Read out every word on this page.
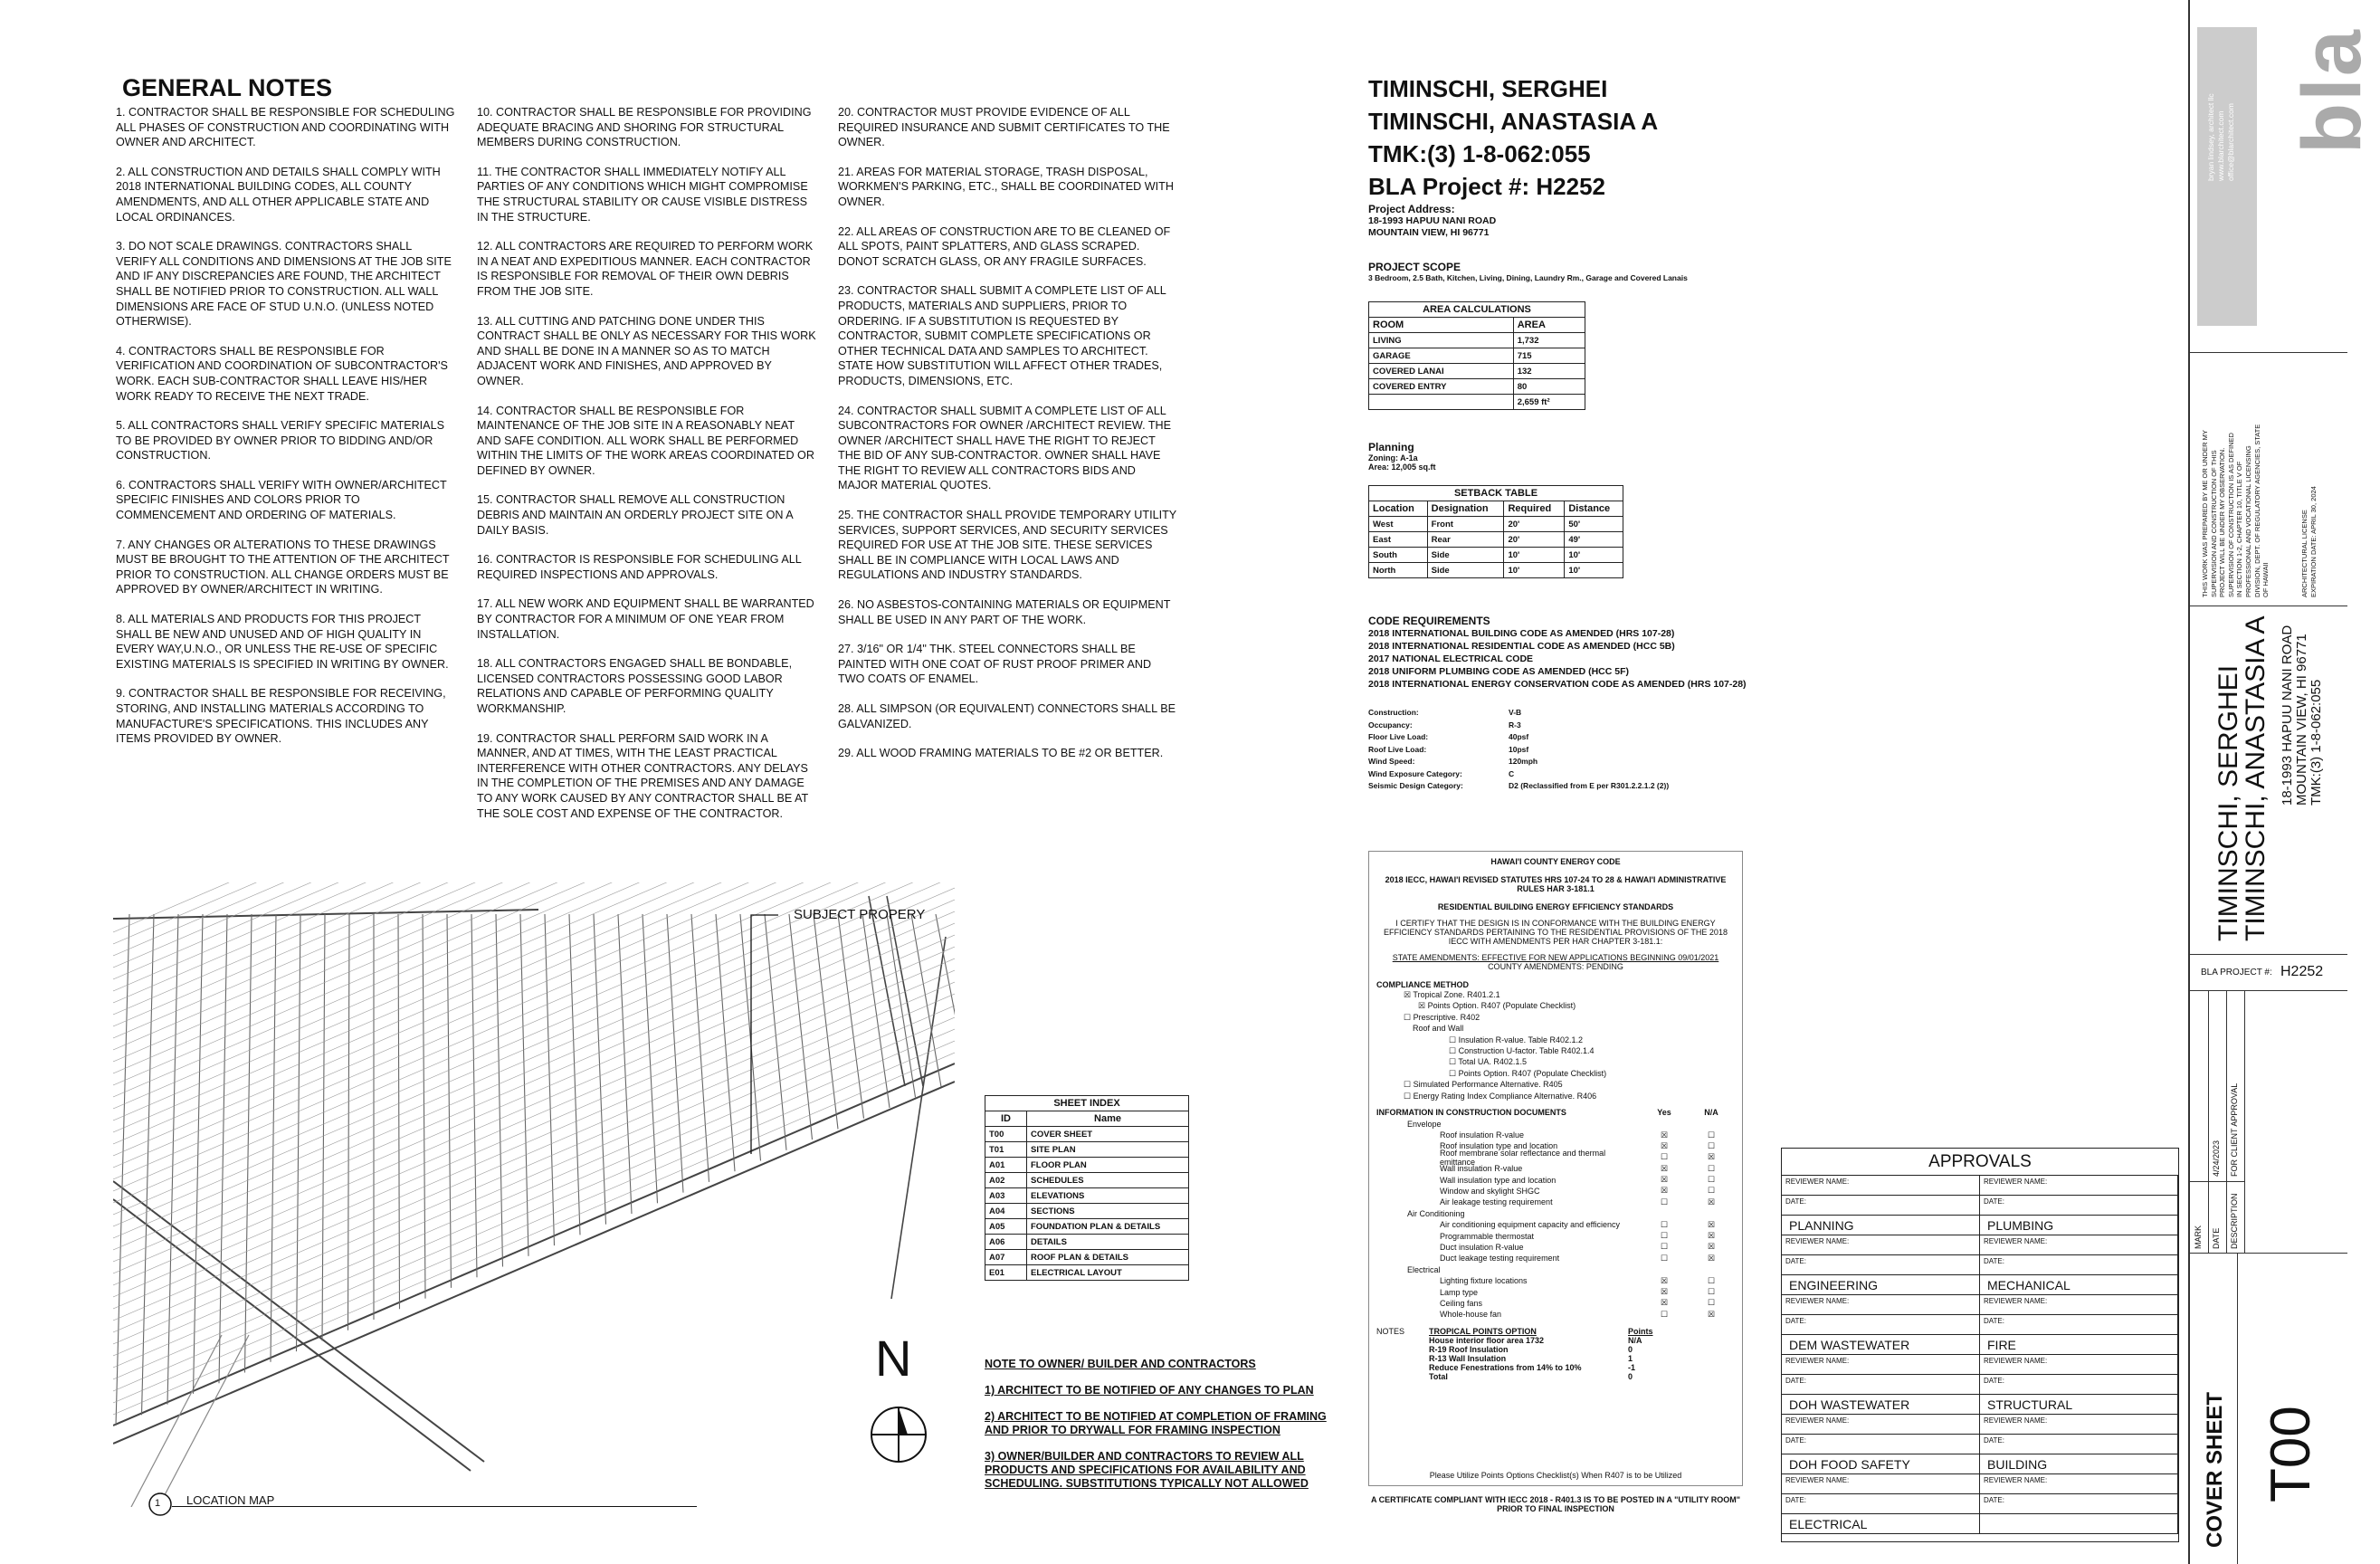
GENERAL NOTES
1. CONTRACTOR SHALL BE RESPONSIBLE FOR SCHEDULING ALL PHASES OF CONSTRUCTION AND COORDINATING WITH OWNER AND ARCHITECT.
2. ALL CONSTRUCTION AND DETAILS SHALL COMPLY WITH 2018 INTERNATIONAL BUILDING CODES, ALL COUNTY AMENDMENTS, AND ALL OTHER APPLICABLE STATE AND LOCAL ORDINANCES.
3. DO NOT SCALE DRAWINGS. CONTRACTORS SHALL VERIFY ALL CONDITIONS AND DIMENSIONS AT THE JOB SITE AND IF ANY DISCREPANCIES ARE FOUND, THE ARCHITECT SHALL BE NOTIFIED PRIOR TO CONSTRUCTION. ALL WALL DIMENSIONS ARE FACE OF STUD U.N.O. (UNLESS NOTED OTHERWISE).
4. CONTRACTORS SHALL BE RESPONSIBLE FOR VERIFICATION AND COORDINATION OF SUBCONTRACTOR'S WORK. EACH SUB-CONTRACTOR SHALL LEAVE HIS/HER WORK READY TO RECEIVE THE NEXT TRADE.
5. ALL CONTRACTORS SHALL VERIFY SPECIFIC MATERIALS TO BE PROVIDED BY OWNER PRIOR TO BIDDING AND/OR CONSTRUCTION.
6. CONTRACTORS SHALL VERIFY WITH OWNER/ARCHITECT SPECIFIC FINISHES AND COLORS PRIOR TO COMMENCEMENT AND ORDERING OF MATERIALS.
7. ANY CHANGES OR ALTERATIONS TO THESE DRAWINGS MUST BE BROUGHT TO THE ATTENTION OF THE ARCHITECT PRIOR TO CONSTRUCTION. ALL CHANGE ORDERS MUST BE APPROVED BY OWNER/ARCHITECT IN WRITING.
8. ALL MATERIALS AND PRODUCTS FOR THIS PROJECT SHALL BE NEW AND UNUSED AND OF HIGH QUALITY IN EVERY WAY,U.N.O., OR UNLESS THE RE-USE OF SPECIFIC EXISTING MATERIALS IS SPECIFIED IN WRITING BY OWNER.
9. CONTRACTOR SHALL BE RESPONSIBLE FOR RECEIVING, STORING, AND INSTALLING MATERIALS ACCORDING TO MANUFACTURE'S SPECIFICATIONS. THIS INCLUDES ANY ITEMS PROVIDED BY OWNER.
10. CONTRACTOR SHALL BE RESPONSIBLE FOR PROVIDING ADEQUATE BRACING AND SHORING FOR STRUCTURAL MEMBERS DURING CONSTRUCTION.
11. THE CONTRACTOR SHALL IMMEDIATELY NOTIFY ALL PARTIES OF ANY CONDITIONS WHICH MIGHT COMPROMISE THE STRUCTURAL STABILITY OR CAUSE VISIBLE DISTRESS IN THE STRUCTURE.
12. ALL CONTRACTORS ARE REQUIRED TO PERFORM WORK IN A NEAT AND EXPEDITIOUS MANNER. EACH CONTRACTOR IS RESPONSIBLE FOR REMOVAL OF THEIR OWN DEBRIS FROM THE JOB SITE.
13. ALL CUTTING AND PATCHING DONE UNDER THIS CONTRACT SHALL BE ONLY AS NECESSARY FOR THIS WORK AND SHALL BE DONE IN A MANNER SO AS TO MATCH ADJACENT WORK AND FINISHES, AND APPROVED BY OWNER.
14. CONTRACTOR SHALL BE RESPONSIBLE FOR MAINTENANCE OF THE JOB SITE IN A REASONABLY NEAT AND SAFE CONDITION. ALL WORK SHALL BE PERFORMED WITHIN THE LIMITS OF THE WORK AREAS COORDINATED OR DEFINED BY OWNER.
15. CONTRACTOR SHALL REMOVE ALL CONSTRUCTION DEBRIS AND MAINTAIN AN ORDERLY PROJECT SITE ON A DAILY BASIS.
16. CONTRACTOR IS RESPONSIBLE FOR SCHEDULING ALL REQUIRED INSPECTIONS AND APPROVALS.
17. ALL NEW WORK AND EQUIPMENT SHALL BE WARRANTED BY CONTRACTOR FOR A MINIMUM OF ONE YEAR FROM INSTALLATION.
18. ALL CONTRACTORS ENGAGED SHALL BE BONDABLE, LICENSED CONTRACTORS POSSESSING GOOD LABOR RELATIONS AND CAPABLE OF PERFORMING QUALITY WORKMANSHIP.
19. CONTRACTOR SHALL PERFORM SAID WORK IN A MANNER, AND AT TIMES, WITH THE LEAST PRACTICAL INTERFERENCE WITH OTHER CONTRACTORS. ANY DELAYS IN THE COMPLETION OF THE PREMISES AND ANY DAMAGE TO ANY WORK CAUSED BY ANY CONTRACTOR SHALL BE AT THE SOLE COST AND EXPENSE OF THE CONTRACTOR.
20. CONTRACTOR MUST PROVIDE EVIDENCE OF ALL REQUIRED INSURANCE AND SUBMIT CERTIFICATES TO THE OWNER.
21. AREAS FOR MATERIAL STORAGE, TRASH DISPOSAL, WORKMEN'S PARKING, ETC., SHALL BE COORDINATED WITH OWNER.
22. ALL AREAS OF CONSTRUCTION ARE TO BE CLEANED OF ALL SPOTS, PAINT SPLATTERS, AND GLASS SCRAPED. DONOT SCRATCH GLASS, OR ANY FRAGILE SURFACES.
23. CONTRACTOR SHALL SUBMIT A COMPLETE LIST OF ALL PRODUCTS, MATERIALS AND SUPPLIERS, PRIOR TO ORDERING. IF A SUBSTITUTION IS REQUESTED BY CONTRACTOR, SUBMIT COMPLETE SPECIFICATIONS OR OTHER TECHNICAL DATA AND SAMPLES TO ARCHITECT. STATE HOW SUBSTITUTION WILL AFFECT OTHER TRADES, PRODUCTS, DIMENSIONS, ETC.
24. CONTRACTOR SHALL SUBMIT A COMPLETE LIST OF ALL SUBCONTRACTORS FOR OWNER /ARCHITECT REVIEW. THE OWNER /ARCHITECT SHALL HAVE THE RIGHT TO REJECT THE BID OF ANY SUB-CONTRACTOR. OWNER SHALL HAVE THE RIGHT TO REVIEW ALL CONTRACTORS BIDS AND MAJOR MATERIAL QUOTES.
25. THE CONTRACTOR SHALL PROVIDE TEMPORARY UTILITY SERVICES, SUPPORT SERVICES, AND SECURITY SERVICES REQUIRED FOR USE AT THE JOB SITE. THESE SERVICES SHALL BE IN COMPLIANCE WITH LOCAL LAWS AND REGULATIONS AND INDUSTRY STANDARDS.
26. NO ASBESTOS-CONTAINING MATERIALS OR EQUIPMENT SHALL BE USED IN ANY PART OF THE WORK.
27. 3/16" OR 1/4" THK. STEEL CONNECTORS SHALL BE PAINTED WITH ONE COAT OF RUST PROOF PRIMER AND TWO COATS OF ENAMEL.
28. ALL SIMPSON (OR EQUIVALENT) CONNECTORS SHALL BE GALVANIZED.
29. ALL WOOD FRAMING MATERIALS TO BE #2 OR BETTER.
TIMINSCHI, SERGHEI
TIMINSCHI, ANASTASIA A
TMK:(3) 1-8-062:055
BLA Project #: H2252
Project Address:
18-1993 HAPUU NANI ROAD
MOUNTAIN VIEW, HI 96771
PROJECT SCOPE
3 Bedroom, 2.5 Bath, Kitchen, Living, Dining, Laundry Rm., Garage and Covered Lanais
AREA CALCULATIONS	
ROOM	AREA
LIVING	1,732
GARAGE	715
COVERED LANAI	132
COVERED ENTRY	80
	2,659 ft²
Planning
Zoning: A-1a
Area: 12,005 sq.ft
SETBACK TABLE			
Location	Designation	Required	Distance
West	Front	20'	50'
East	Rear	20'	49'
South	Side	10'	10'
North	Side	10'	10'
CODE REQUIREMENTS
2018 INTERNATIONAL BUILDING CODE AS AMENDED (HRS 107-28)
2018 INTERNATIONAL RESIDENTIAL CODE AS AMENDED (HCC 5B)
2017 NATIONAL ELECTRICAL CODE
2018 UNIFORM PLUMBING CODE AS AMENDED (HCC 5F)
2018 INTERNATIONAL ENERGY CONSERVATION CODE AS AMENDED (HRS 107-28)
Construction:	V-B
Occupancy:	R-3
Floor Live Load:	40psf
Roof Live Load:	10psf
Wind Speed:	120mph
Wind Exposure Category:	C
Seismic Design Category:	D2 (Reclassified from E per R301.2.2.1.2 (2))
HAWAI'I COUNTY ENERGY CODE
2018 IECC, HAWAI'I REVISED STATUTES HRS 107-24 TO 28 & HAWAI'I ADMINISTRATIVE RULES HAR 3-181.1
RESIDENTIAL BUILDING ENERGY EFFICIENCY STANDARDS
I CERTIFY THAT THE DESIGN IS IN CONFORMANCE WITH THE BUILDING ENERGY EFFICIENCY STANDARDS PERTAINING TO THE RESIDENTIAL PROVISIONS OF THE 2018 IECC WITH AMENDMENTS PER HAR CHAPTER 3-181.1:
STATE AMENDMENTS: EFFECTIVE FOR NEW APPLICATIONS BEGINNING 09/01/2021
COUNTY AMENDMENTS: PENDING
COMPLIANCE METHOD
☒ Tropical Zone. R401.2.1
☒ Points Option. R407 (Populate Checklist)
☐ Prescriptive. R402
Roof and Wall
☐ Insulation R-value. Table R402.1.2
☐ Construction U-factor. Table R402.1.4
☐ Total UA. R402.1.5
☐ Points Option. R407 (Populate Checklist)
☐ Simulated Performance Alternative. R405
☐ Energy Rating Index Compliance Alternative. R406
INFORMATION IN CONSTRUCTION DOCUMENTS	Yes	N/A
Envelope
Roof insulation R-value	☒	☐
Roof insulation type and location	☒	☐
Roof membrane solar reflectance and thermal emittance
☐	☒
Wall insulation R-value	☒	☐
Wall insulation type and location	☒	☐
Window and skylight SHGC	☒	☐
Air leakage testing requirement	☐	☒
Air Conditioning
Air conditioning equipment capacity and efficiency	☐	☒
Programmable thermostat	☐	☒
Duct insulation R-value	☐	☒
Duct leakage testing requirement	☐	☒
Electrical
Lighting fixture locations	☒	☐
Lamp type	☒	☐
Ceiling fans	☒	☐
Whole-house fan	☐	☒
NOTES	TROPICAL POINTS OPTION	Points
House interior floor area 1732	N/A
R-19 Roof Insulation	0
R-13 Wall Insulation	1
Reduce Fenestrations from 14% to 10%	-1
Total	0
Please Utilize Points Options Checklist(s) When R407 is to be Utilized
A CERTIFICATE COMPLIANT WITH IECC 2018 - R401.3 IS TO BE POSTED IN A "UTILITY ROOM" PRIOR TO FINAL INSPECTION
SUBJECT PROPERY
N
1 LOCATION MAP
SHEET INDEX	
ID	Name
T00	COVER SHEET
T01	SITE PLAN
A01	FLOOR PLAN
A02	SCHEDULES
A03	ELEVATIONS
A04	SECTIONS
A05	FOUNDATION PLAN & DETAILS
A06	DETAILS
A07	ROOF PLAN & DETAILS
E01	ELECTRICAL LAYOUT
NOTE TO OWNER/ BUILDER AND CONTRACTORS
1) ARCHITECT TO BE NOTIFIED OF ANY CHANGES TO PLAN
2) ARCHITECT TO BE NOTIFIED AT COMPLETION OF FRAMING AND PRIOR TO DRYWALL FOR FRAMING INSPECTION
3) OWNER/BUILDER AND CONTRACTORS TO REVIEW ALL PRODUCTS AND SPECIFICATIONS FOR AVAILABILITY AND SCHEDULING. SUBSTITUTIONS TYPICALLY NOT ALLOWED
APPROVALS
REVIEWER NAME:	REVIEWER NAME:
DATE:	DATE:
PLANNING	PLUMBING
REVIEWER NAME:	REVIEWER NAME:
DATE:	DATE:
ENGINEERING	MECHANICAL
REVIEWER NAME:	REVIEWER NAME:
DATE:	DATE:
DEM WASTEWATER	FIRE
REVIEWER NAME:	REVIEWER NAME:
DATE:	DATE:
DOH WASTEWATER	STRUCTURAL
REVIEWER NAME:	REVIEWER NAME:
DATE:	DATE:
DOH FOOD SAFETY	BUILDING
REVIEWER NAME:	REVIEWER NAME:
DATE:	DATE:
ELECTRICAL
bla
bryan lindsey, architect llc www.blarchitect.com office@blarchitect.com
THIS WORK WAS PREPARED BY ME OR UNDER MY SUPERVISION AND CONSTRUCTION OF THIS PROJECT WILL BE UNDER MY OBSERVATION. SUPERVISION OF CONSTRUCTION IS AS DEFINED IN SECTION 1-2, CHAPTER 10, TITLE V OF PROFESSIONAL AND VOCATIONAL LICENSING DIVISION, DEPT. OF REGULATORY AGENCIES, STATE OF HAWAII	ARCHITECTURAL LICENSE EXPIRATION DATE: APRIL 30, 2024
TIMINSCHI, SERGHEI
TIMINSCHI, ANASTASIA A 18-1993 HAPUU NANI ROAD MOUNTAIN VIEW, HI 96771 TMK:(3) 1-8-062:055
BLA PROJECT #: H2252
MARK DATE DESCRIPTION
4/24/2023 FOR CLIENT APPROVAL
COVER SHEET T00
